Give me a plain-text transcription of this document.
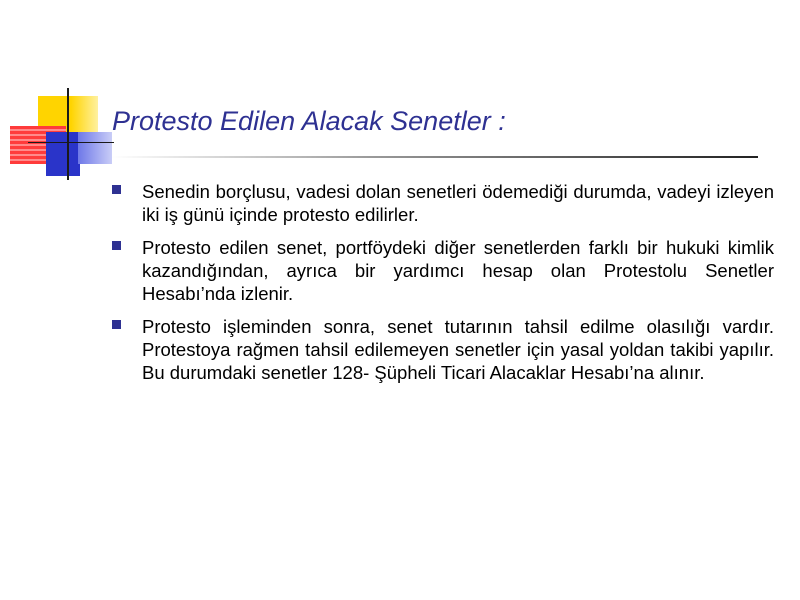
Protesto Edilen Alacak Senetler :
Senedin borçlusu, vadesi dolan senetleri ödemediği durumda, vadeyi izleyen iki iş günü içinde protesto edilirler.
Protesto edilen senet, portföydeki diğer senetlerden farklı bir hukuki kimlik kazandığından, ayrıca bir yardımcı hesap olan Protestolu Senetler Hesabı’nda izlenir.
Protesto işleminden sonra, senet tutarının tahsil edilme olasılığı vardır. Protestoya rağmen tahsil edilemeyen senetler için yasal yoldan takibi yapılır. Bu durumdaki senetler 128- Şüpheli Ticari Alacaklar Hesabı’na alınır.
